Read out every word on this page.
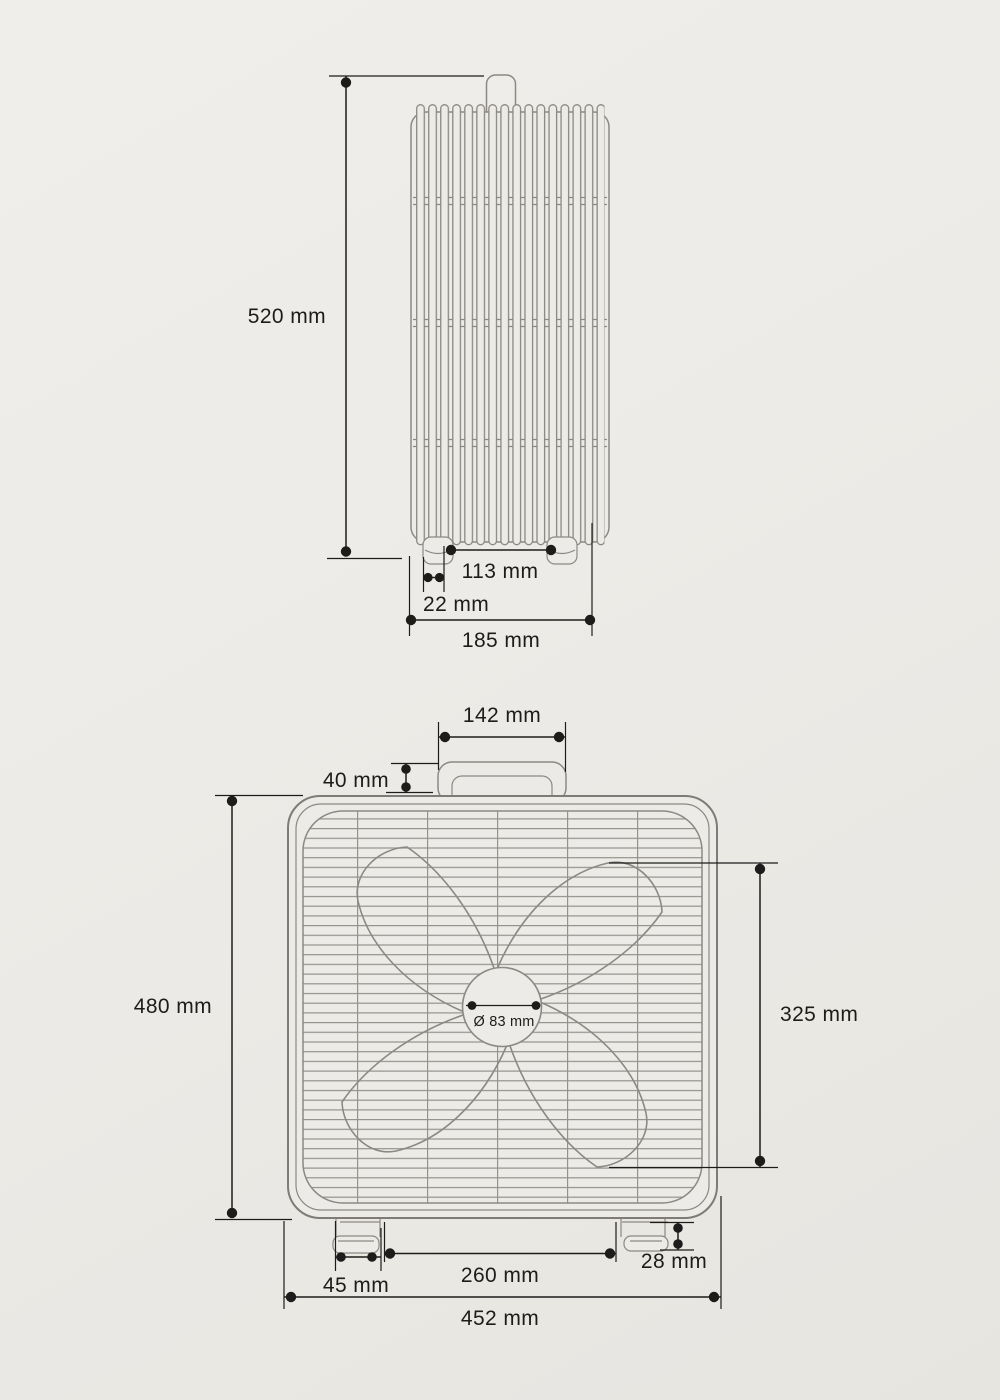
520 mm
113 mm
22 mm
185 mm
142 mm
40 mm
480 mm	325 mm
Ø 83 mm
45 mm	260 mm
28 mm
452 mm
